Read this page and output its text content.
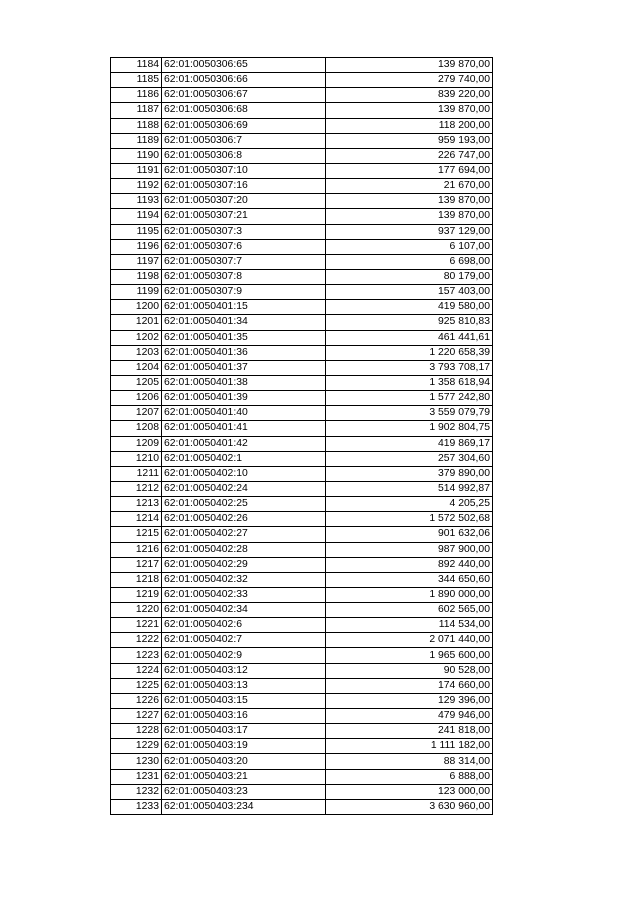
1184	62:01:0050306:65	139 870,00
1185	62:01:0050306:66	279 740,00
1186	62:01:0050306:67	839 220,00
1187	62:01:0050306:68	139 870,00
1188	62:01:0050306:69	118 200,00
1189	62:01:0050306:7	959 193,00
1190	62:01:0050306:8	226 747,00
1191	62:01:0050307:10	177 694,00
1192	62:01:0050307:16	21 670,00
1193	62:01:0050307:20	139 870,00
1194	62:01:0050307:21	139 870,00
1195	62:01:0050307:3	937 129,00
1196	62:01:0050307:6	6 107,00
1197	62:01:0050307:7	6 698,00
1198	62:01:0050307:8	80 179,00
1199	62:01:0050307:9	157 403,00
1200	62:01:0050401:15	419 580,00
1201	62:01:0050401:34	925 810,83
1202	62:01:0050401:35	461 441,61
1203	62:01:0050401:36	1 220 658,39
1204	62:01:0050401:37	3 793 708,17
1205	62:01:0050401:38	1 358 618,94
1206	62:01:0050401:39	1 577 242,80
1207	62:01:0050401:40	3 559 079,79
1208	62:01:0050401:41	1 902 804,75
1209	62:01:0050401:42	419 869,17
1210	62:01:0050402:1	257 304,60
1211	62:01:0050402:10	379 890,00
1212	62:01:0050402:24	514 992,87
1213	62:01:0050402:25	4 205,25
1214	62:01:0050402:26	1 572 502,68
1215	62:01:0050402:27	901 632,06
1216	62:01:0050402:28	987 900,00
1217	62:01:0050402:29	892 440,00
1218	62:01:0050402:32	344 650,60
1219	62:01:0050402:33	1 890 000,00
1220	62:01:0050402:34	602 565,00
1221	62:01:0050402:6	114 534,00
1222	62:01:0050402:7	2 071 440,00
1223	62:01:0050402:9	1 965 600,00
1224	62:01:0050403:12	90 528,00
1225	62:01:0050403:13	174 660,00
1226	62:01:0050403:15	129 396,00
1227	62:01:0050403:16	479 946,00
1228	62:01:0050403:17	241 818,00
1229	62:01:0050403:19	1 111 182,00
1230	62:01:0050403:20	88 314,00
1231	62:01:0050403:21	6 888,00
1232	62:01:0050403:23	123 000,00
1233	62:01:0050403:234	3 630 960,00
